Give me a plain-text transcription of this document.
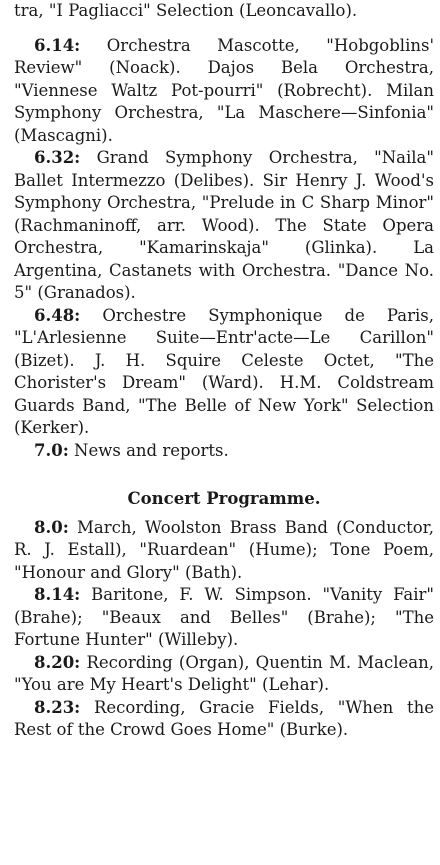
tra, "I Pagliacci" Selection (Leoncavallo).

6.14: Orchestra Mascotte, "Hobgoblins' Review" (Noack). Dajos Bela Orchestra, "Viennese Waltz Pot-pourri" (Robrecht). Milan Symphony Orchestra, "La Maschere—Sinfonia" (Mascagni).

6.32: Grand Symphony Orchestra, "Naila" Ballet Intermezzo (Delibes). Sir Henry J. Wood's Symphony Orchestra, "Prelude in C Sharp Minor" (Rachmaninoff, arr. Wood). The State Opera Orchestra, "Kamarinskaja" (Glinka). La Argentina, Castanets with Orchestra. "Dance No. 5" (Granados).

6.48: Orchestre Symphonique de Paris, "L'Arlesienne Suite—Entr'acte—Le Carillon" (Bizet). J. H. Squire Celeste Octet, "The Chorister's Dream" (Ward). H.M. Coldstream Guards Band, "The Belle of New York" Selection (Kerker).

7.0: News and reports.

Concert Programme.

8.0: March, Woolston Brass Band (Conductor, R. J. Estall), "Ruardean" (Hume); Tone Poem, "Honour and Glory" (Bath).

8.14: Baritone, F. W. Simpson. "Vanity Fair" (Brahe); "Beaux and Belles" (Brahe); "The Fortune Hunter" (Willeby).

8.20: Recording (Organ), Quentin M. Maclean, "You are My Heart's Delight" (Lehar).

8.23: Recording, Gracie Fields, "When the Rest of the Crowd Goes Home" (Burke).
